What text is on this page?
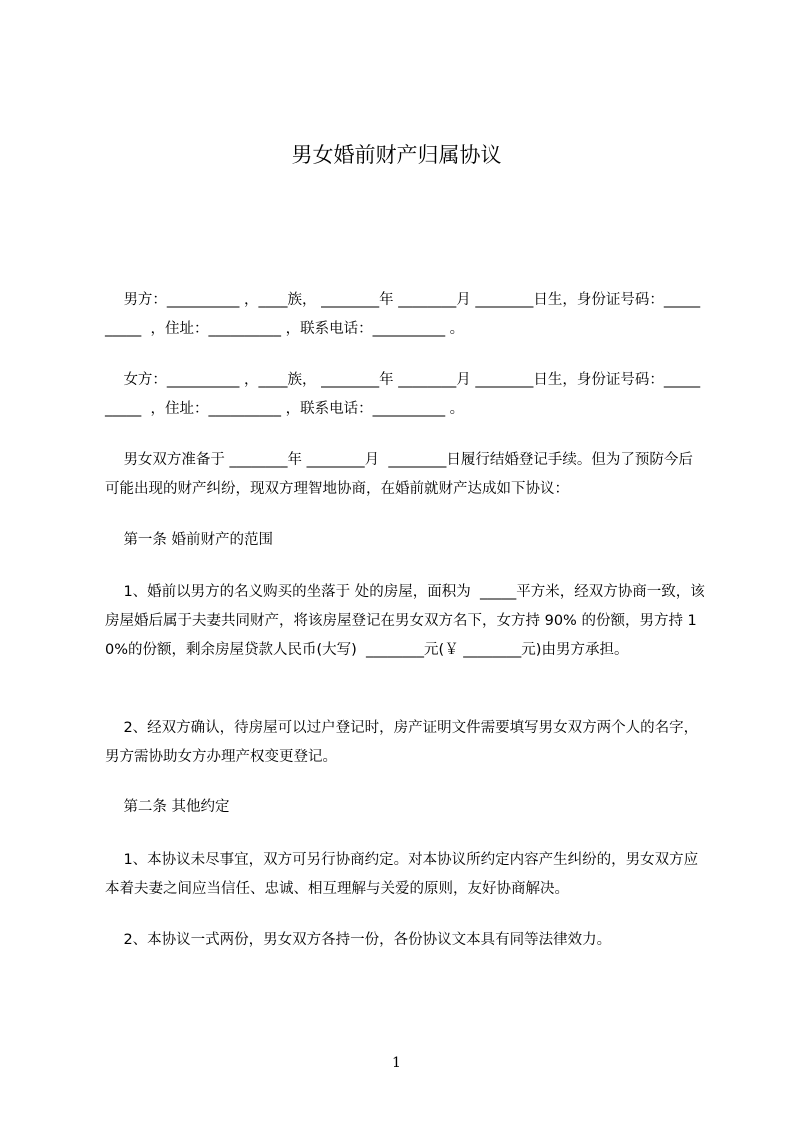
男女婚前财产归属协议
男方：__________ ，____族， ________年 ________月 ________日生，身份证号码：__________  ，住址：__________ ，联系电话：__________ 。
女方：__________ ，____族， ________年 ________月 ________日生，身份证号码：__________  ，住址：__________ ，联系电话：__________ 。
男女双方准备于 ________年 ________月  ________日履行结婚登记手续。但为了预防今后可能出现的财产纠纷，现双方理智地协商，在婚前就财产达成如下协议：
第一条 婚前财产的范围
1、婚前以男方的名义购买的坐落于 处的房屋，面积为  _____平方米，经双方协商一致，该房屋婚后属于夫妻共同财产，将该房屋登记在男女双方名下，女方持 90% 的份额，男方持 10%的份额，剩余房屋贷款人民币(大写)  ________元(￥ ________元)由男方承担。
2、经双方确认，待房屋可以过户登记时，房产证明文件需要填写男女双方两个人的名字，男方需协助女方办理产权变更登记。
第二条 其他约定
1、本协议未尽事宜，双方可另行协商约定。对本协议所约定内容产生纠纷的，男女双方应本着夫妻之间应当信任、忠诚、相互理解与关爱的原则，友好协商解决。
2、本协议一式两份，男女双方各持一份，各份协议文本具有同等法律效力。
1
